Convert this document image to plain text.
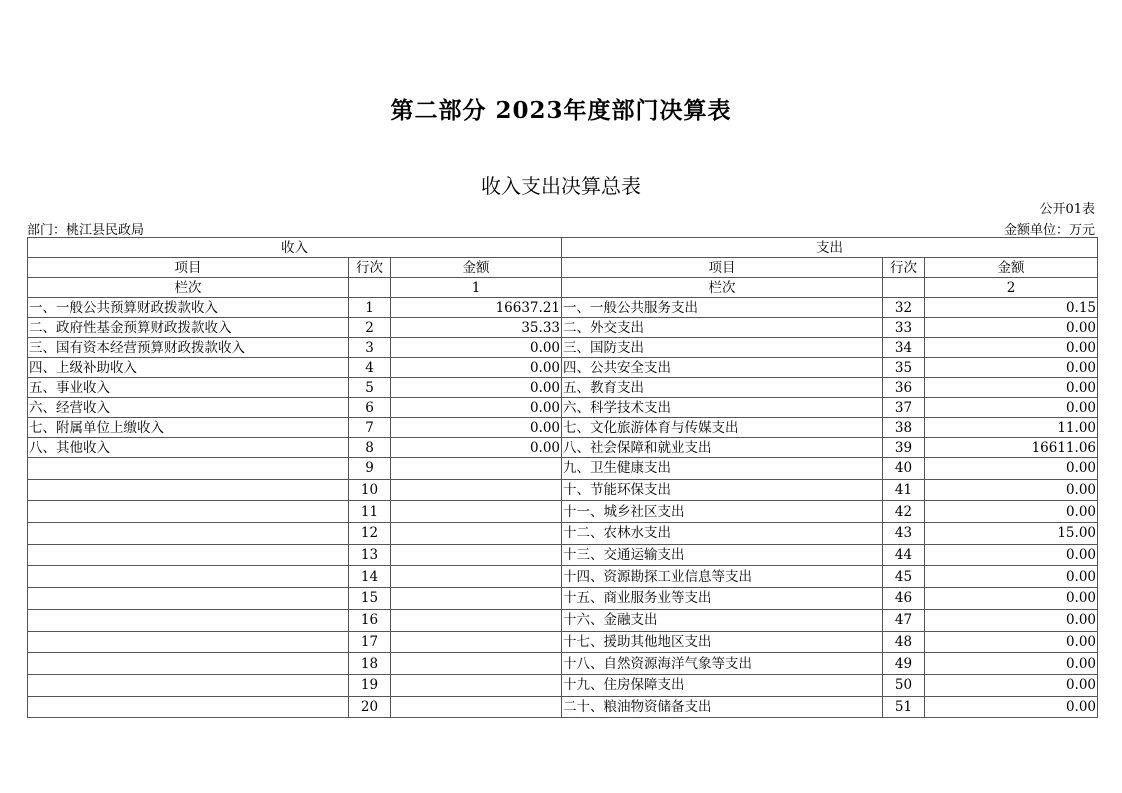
第二部分 2023年度部门决算表
收入支出决算总表
公开01表
部门：桃江县民政局	金额单位：万元
收入			支出		
项目	行次	金额	项目	行次	金额
栏次		1	栏次		2
一、一般公共预算财政拨款收入	1	16637.21	一、一般公共服务支出	32	0.15
二、政府性基金预算财政拨款收入	2	35.33	二、外交支出	33	0.00
三、国有资本经营预算财政拨款收入	3	0.00	三、国防支出	34	0.00
四、上级补助收入	4	0.00	四、公共安全支出	35	0.00
五、事业收入	5	0.00	五、教育支出	36	0.00
六、经营收入	6	0.00	六、科学技术支出	37	0.00
七、附属单位上缴收入	7	0.00	七、文化旅游体育与传媒支出	38	11.00
八、其他收入	8	0.00	八、社会保障和就业支出	39	16611.06
	9		九、卫生健康支出	40	0.00
	10		十、节能环保支出	41	0.00
	11		十一、城乡社区支出	42	0.00
	12		十二、农林水支出	43	15.00
	13		十三、交通运输支出	44	0.00
	14		十四、资源勘探工业信息等支出	45	0.00
	15		十五、商业服务业等支出	46	0.00
	16		十六、金融支出	47	0.00
	17		十七、援助其他地区支出	48	0.00
	18		十八、自然资源海洋气象等支出	49	0.00
	19		十九、住房保障支出	50	0.00
	20		二十、粮油物资储备支出	51	0.00
